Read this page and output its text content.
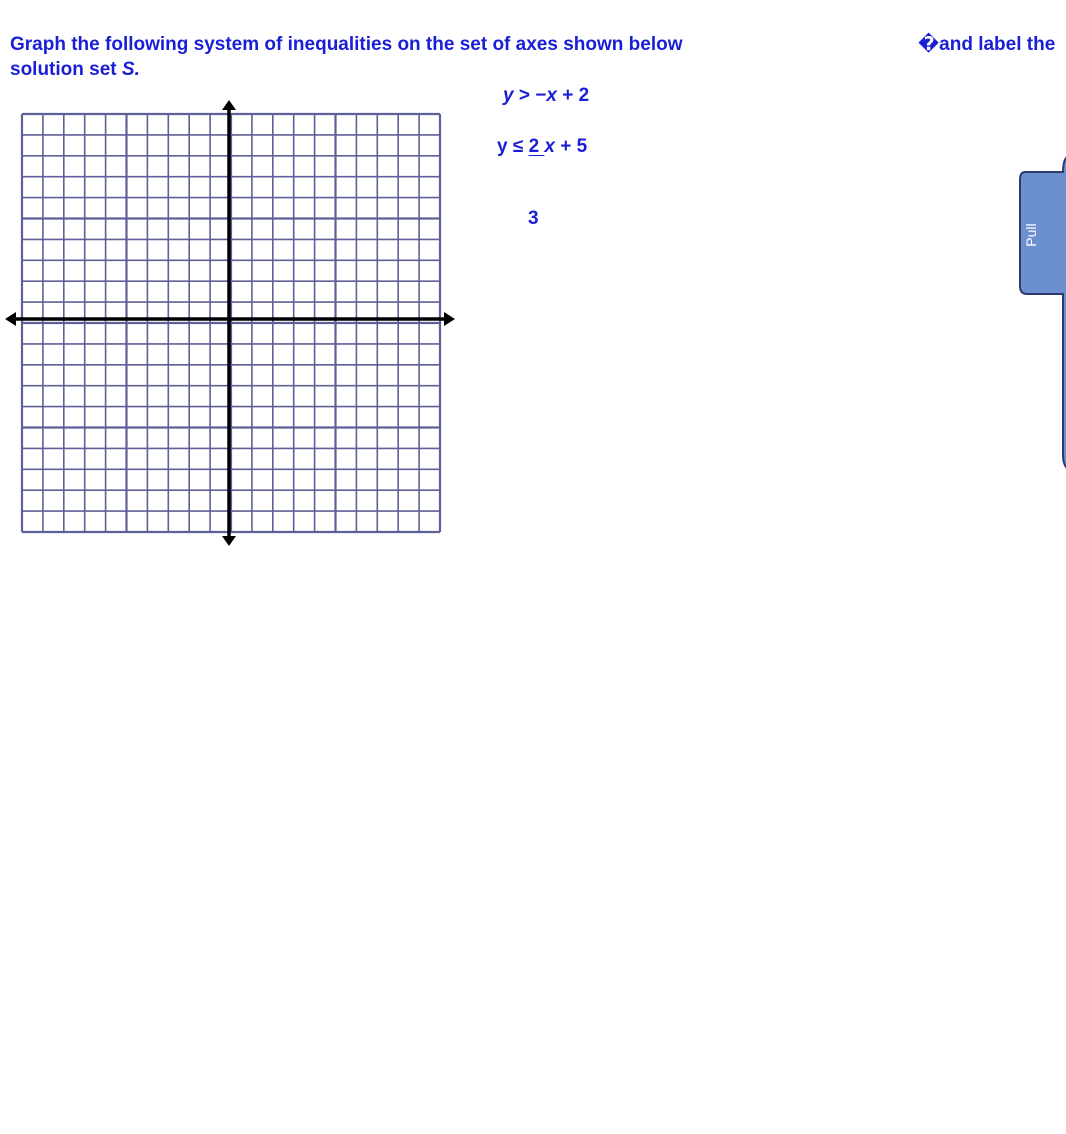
Graph the following system of inequalities on the set of axes shown below	�and label the
solution set S.
y > −x + 2
y ≤ 2 x + 5
3
Pull
